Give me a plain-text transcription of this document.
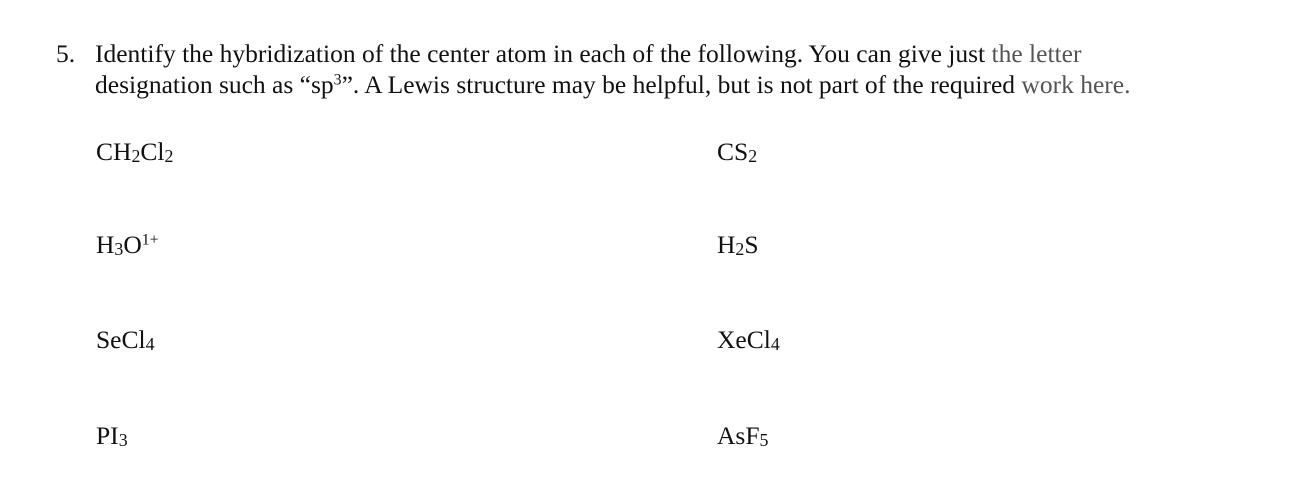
5. Identify the hybridization of the center atom in each of the following. You can give just the letter
designation such as “$sp^3$”. A Lewis structure may be helpful, but is not part of the required work here.
$CH_2Cl_2$	$CS_2$
$H_3O^{1+}$	$H_2S$
SeCl$_4$	XeCl$_4$
$PI_3$	AsF$_5$
